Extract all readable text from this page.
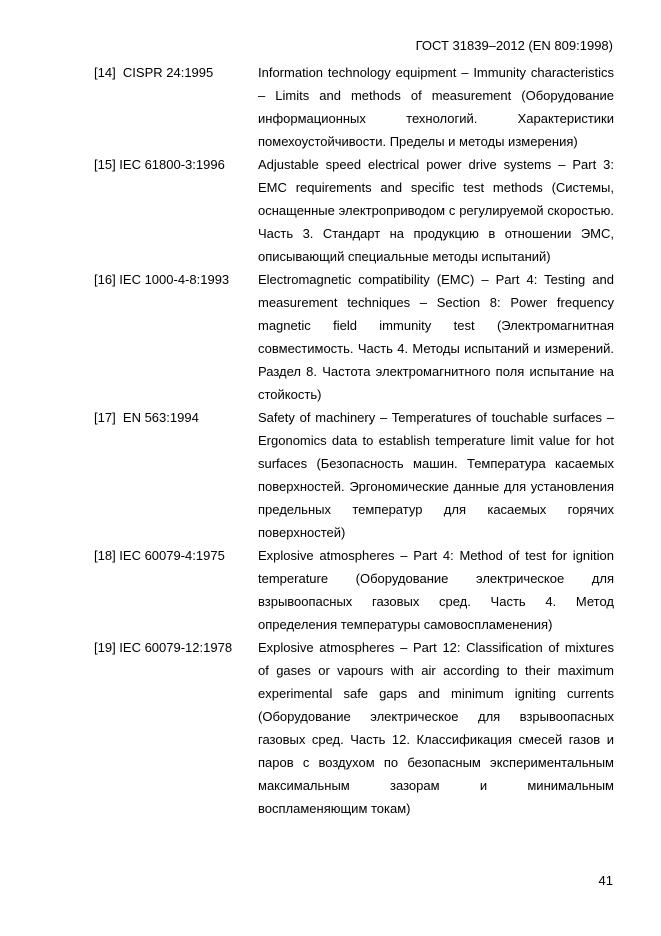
ГОСТ 31839–2012 (EN 809:1998)
[14]  CISPR 24:1995	Information technology equipment – Immunity characteristics – Limits and methods of measurement (Оборудование информационных технологий. Характеристики помехоустойчивости. Пределы и методы измерения)
[15] IEC 61800-3:1996	Adjustable speed electrical power drive systems – Part 3: EMC requirements and specific test methods (Системы, оснащенные электроприводом с регулируемой скоростью. Часть 3. Стандарт на продукцию в отношении ЭМС, описывающий специальные методы испытаний)
[16] IEC 1000-4-8:1993	Electromagnetic compatibility (EMC) – Part 4: Testing and measurement techniques – Section 8: Power frequency magnetic field immunity test (Электромагнитная совместимость. Часть 4. Методы испытаний и измерений. Раздел 8. Частота электромагнитного поля испытание на стойкость)
[17]  EN 563:1994	Safety of machinery – Temperatures of touchable surfaces – Ergonomics data to establish temperature limit value for hot surfaces (Безопасность машин. Температура касаемых поверхностей. Эргономические данные для установления предельных температур для касаемых горячих поверхностей)
[18] IEC 60079-4:1975	Explosive atmospheres – Part 4: Method of test for ignition temperature (Оборудование электрическое для взрывоопасных газовых сред. Часть 4. Метод определения температуры самовоспламенения)
[19] IEC 60079-12:1978	Explosive atmospheres – Part 12: Classification of mixtures of gases or vapours with air according to their maximum experimental safe gaps and minimum igniting currents (Оборудование электрическое для взрывоопасных газовых сред. Часть 12. Классификация смесей газов и паров с воздухом по безопасным экспериментальным максимальным зазорам и минимальным воспламеняющим токам)
41
